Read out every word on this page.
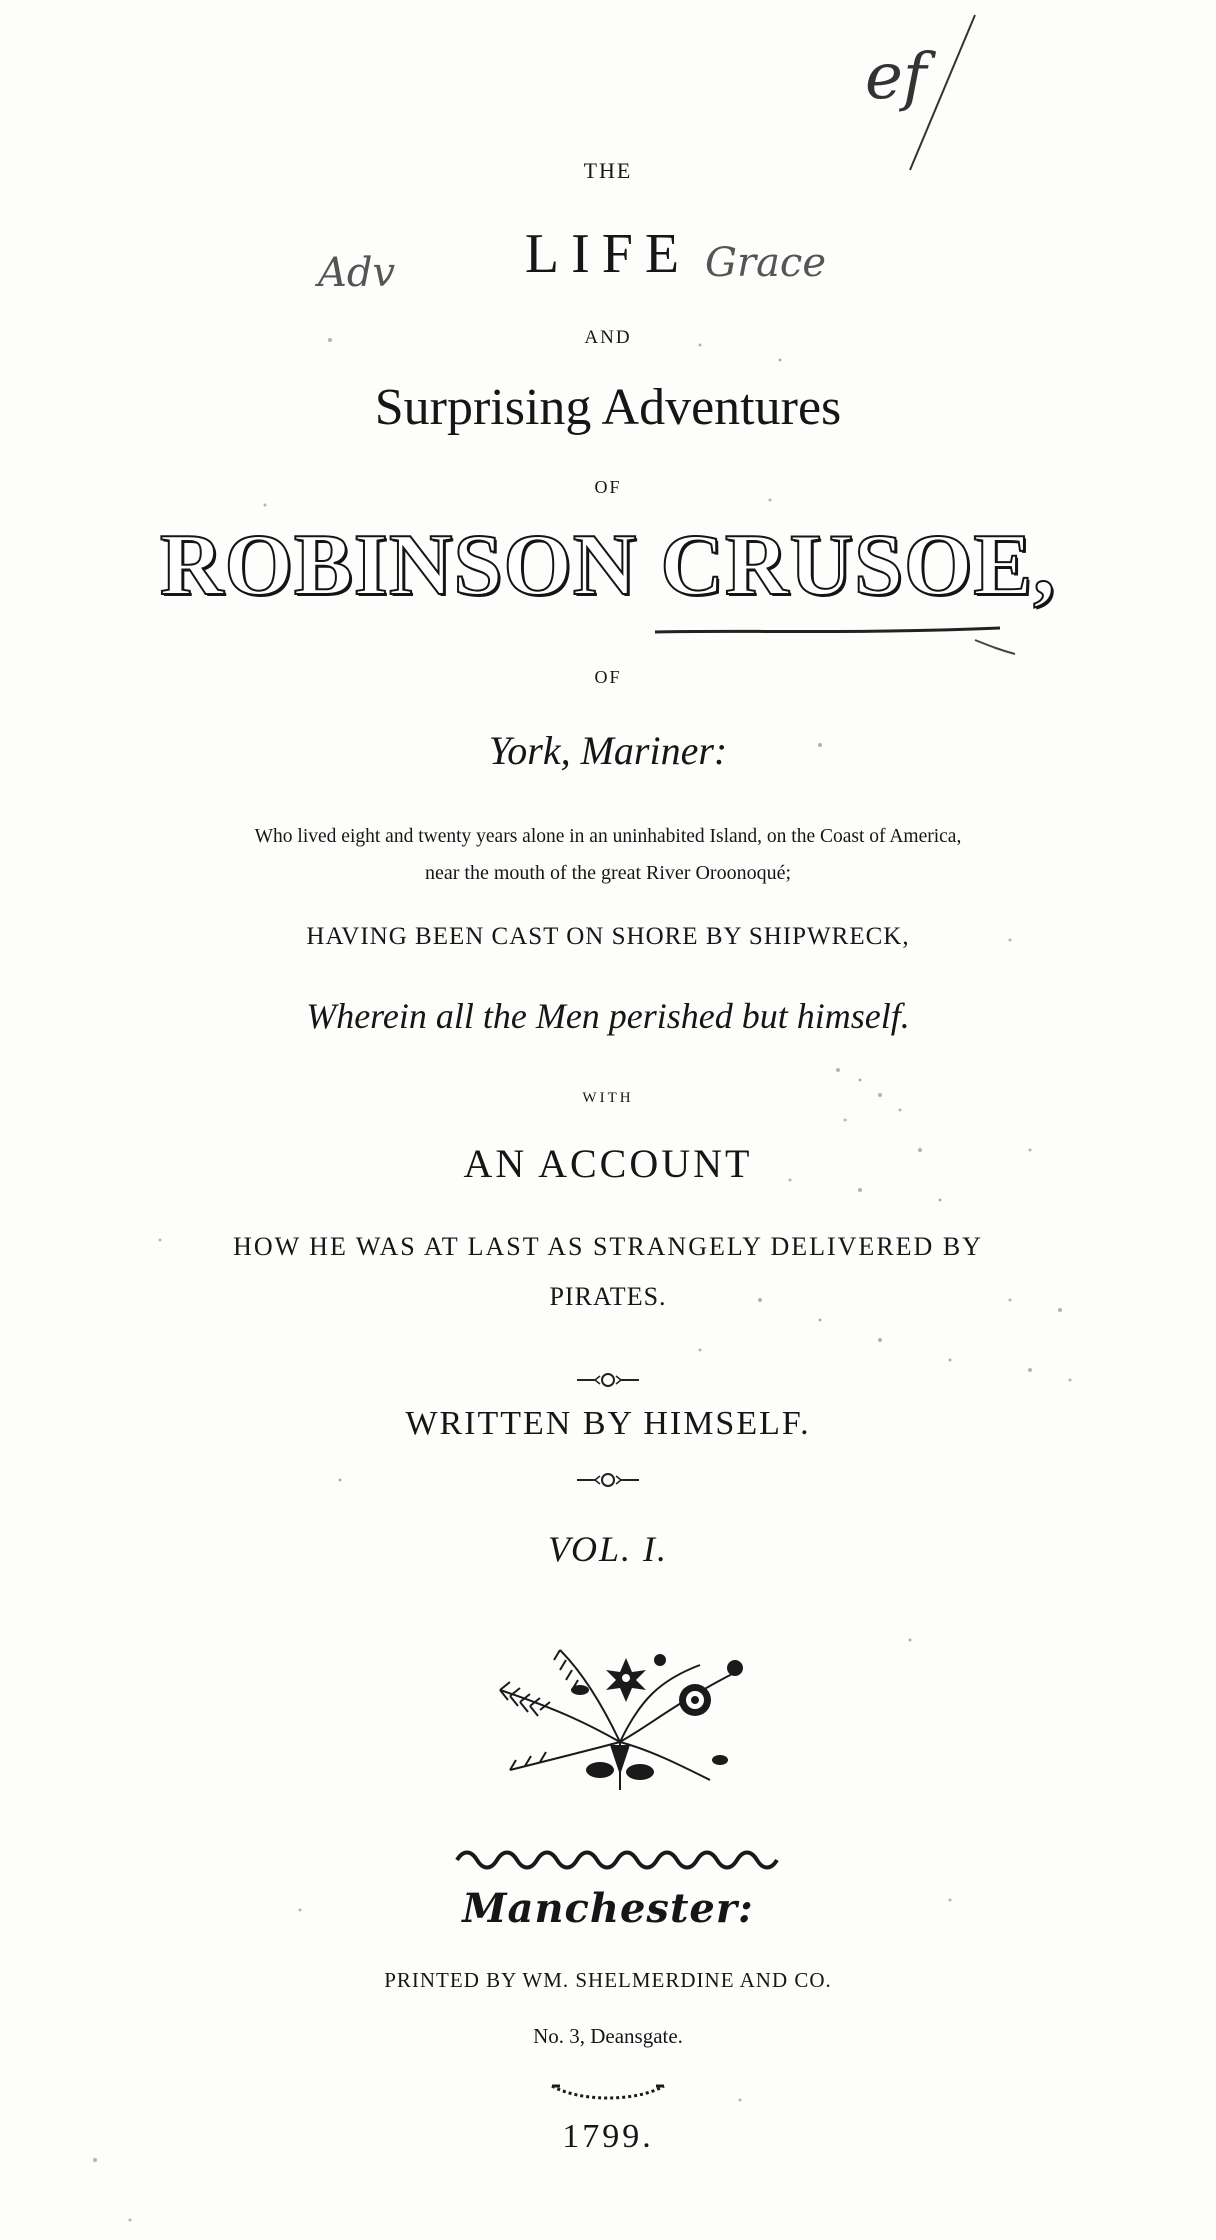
ef
Adv	Grace
THE
LIFE
AND
Surprising Adventures
OF
ROBINSON CRUSOE,
OF
York, Mariner:
Who lived eight and twenty years alone in an uninhabited Island, on the Coast of America,
near the mouth of the great River Oroonoqué;
HAVING BEEN CAST ON SHORE BY SHIPWRECK,
Wherein all the Men perished but himself.
WITH
AN ACCOUNT
HOW HE WAS AT LAST AS STRANGELY DELIVERED BY
PIRATES.
WRITTEN BY HIMSELF.
VOL. I.
Manchester:
PRINTED BY WM. SHELMERDINE AND CO.
No. 3, Deansgate.
1799.
